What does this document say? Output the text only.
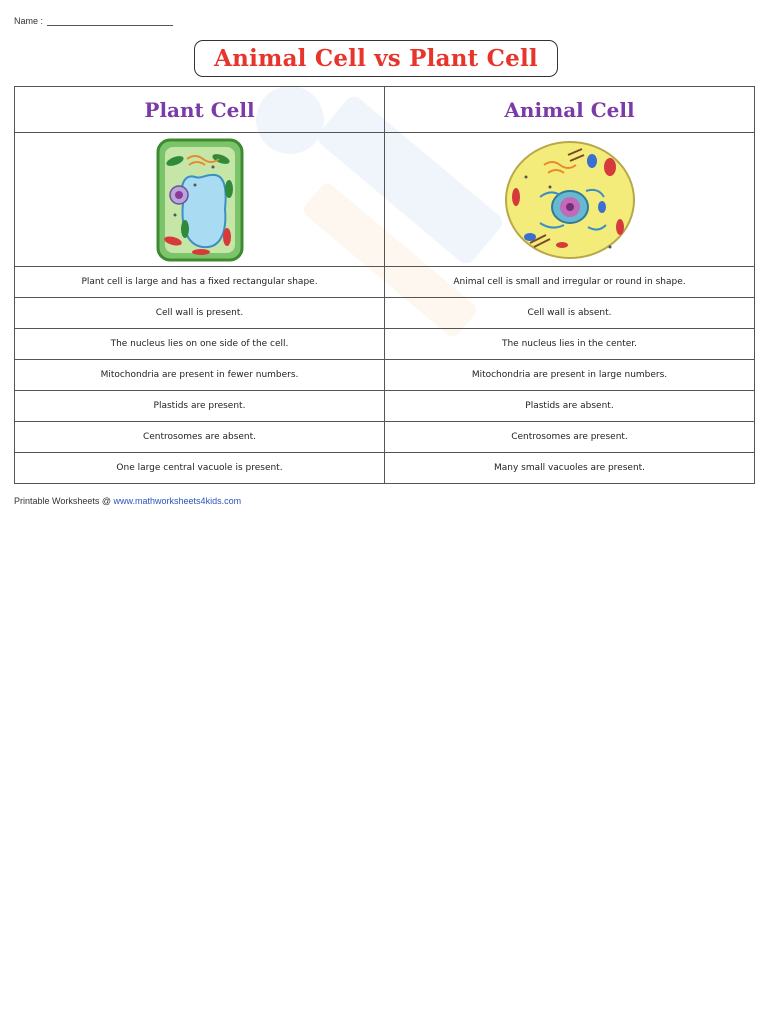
Name :
Animal Cell vs Plant Cell
Plant Cell	Animal Cell

Plant cell is large and has a fixed rectangular shape.	Animal cell is small and irregular or round in shape.
Cell wall is present.	Cell wall is absent.
The nucleus lies on one side of the cell.	The nucleus lies in the center.
Mitochondria are present in fewer numbers.	Mitochondria are present in large numbers.
Plastids are present.	Plastids are absent.
Centrosomes are absent.	Centrosomes are present.
One large central vacuole is present.	Many small vacuoles are present.
Printable Worksheets @ www.mathworksheets4kids.com
